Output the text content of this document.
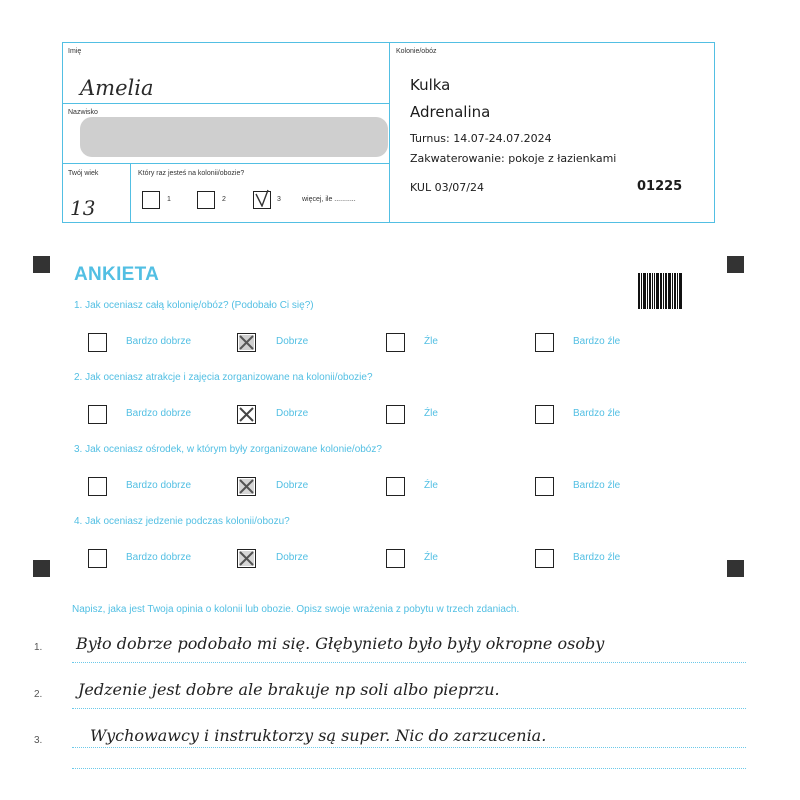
Imię
Amelia
Nazwisko
Twój wiek
13
Który raz jesteś na kolonii/obozie?
1	2	3	więcej, ile ...........
Kolonie/obóz
Kulka
Adrenalina
Turnus: 14.07-24.07.2024
Zakwaterowanie: pokoje z łazienkami
KUL 03/07/24	01225
ANKIETA
1. Jak oceniasz całą kolonię/obóz? (Podobało Ci się?)
Bardzo dobrze	Dobrze	Źle	Bardzo źle
2. Jak oceniasz atrakcje i zajęcia zorganizowane na kolonii/obozie?
Bardzo dobrze	Dobrze	Źle	Bardzo źle
3. Jak oceniasz ośrodek, w którym były zorganizowane kolonie/obóz?
Bardzo dobrze	Dobrze	Źle	Bardzo źle
4. Jak oceniasz jedzenie podczas kolonii/obozu?
Bardzo dobrze	Dobrze	Źle	Bardzo źle
Napisz, jaka jest Twoja opinia o kolonii lub obozie. Opisz swoje wrażenia z pobytu w trzech zdaniach.
1. Było dobrze podobało mi się. Głębynieto było były okropne osoby
2. Jedzenie jest dobre ale brakuje np soli albo pieprzu.
3.	Wychowawcy i instruktorzy są super. Nic do zarzucenia.
